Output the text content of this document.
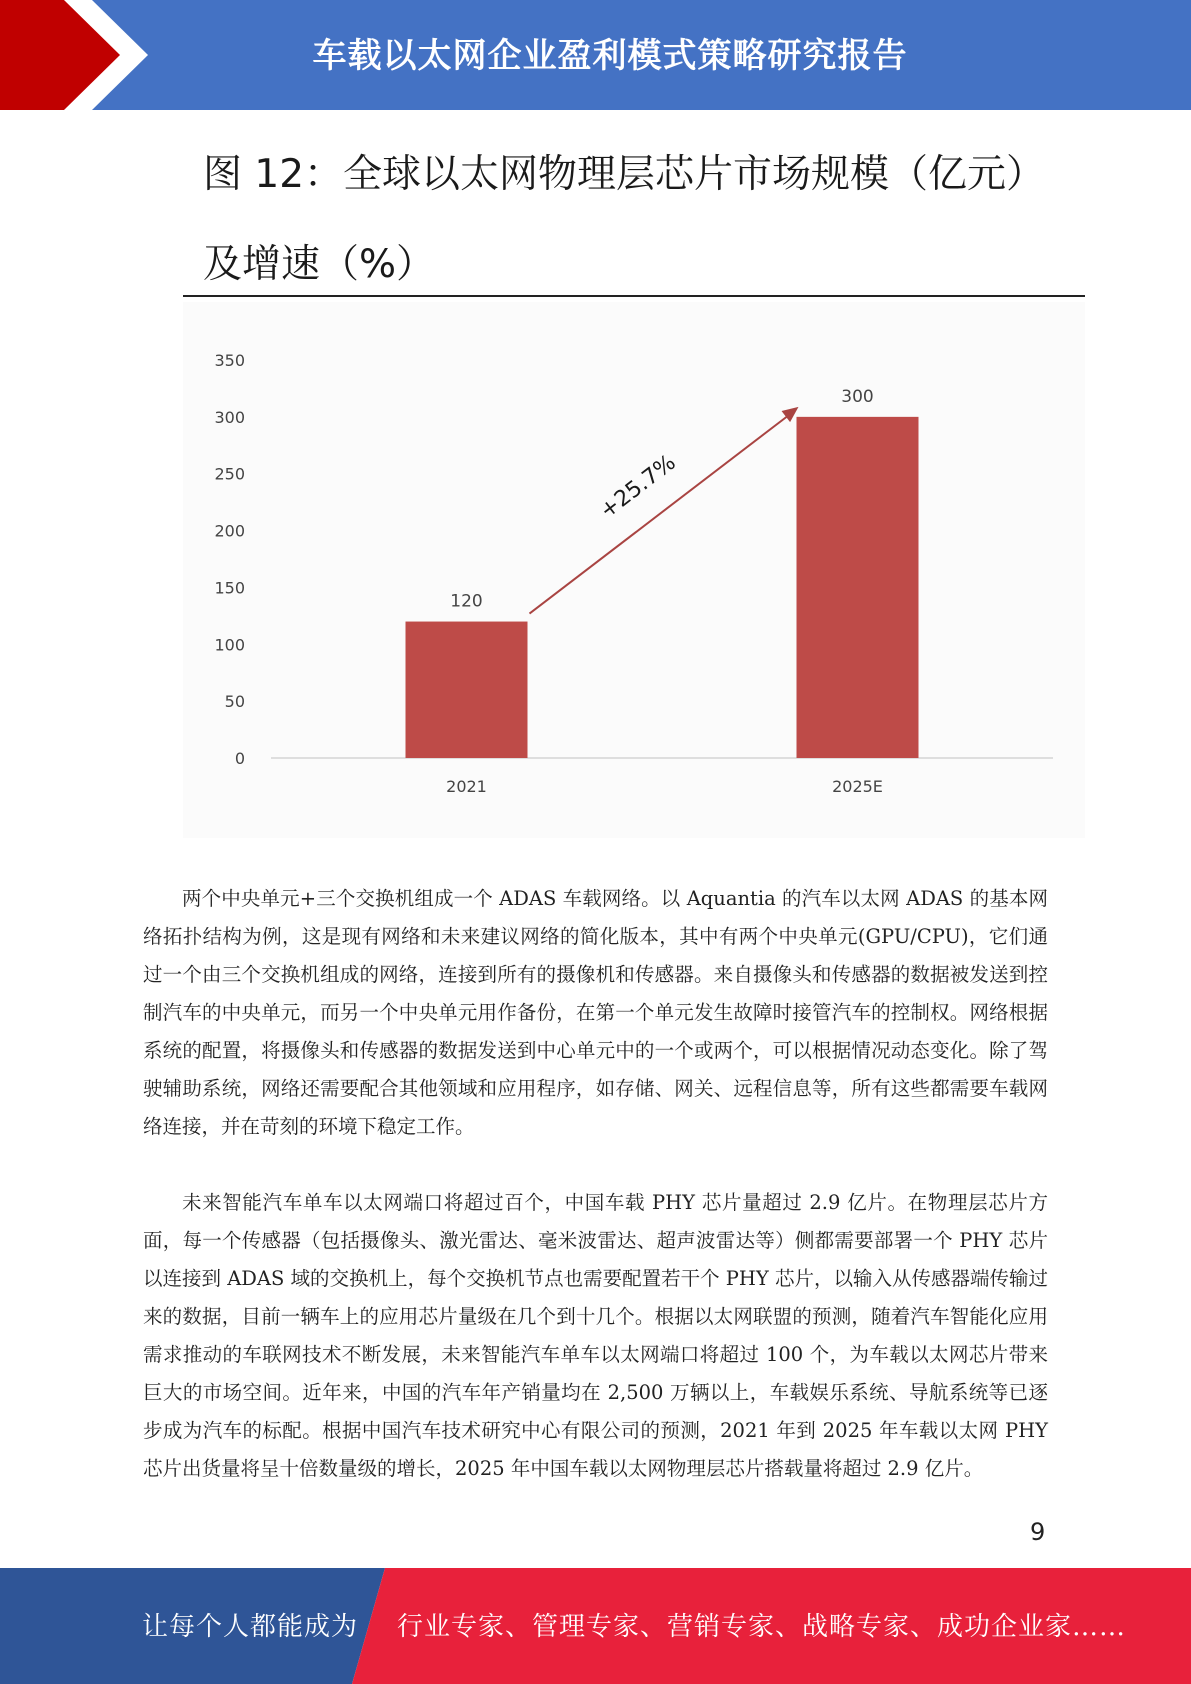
车载以太网企业盈利模式策略研究报告
图 12：全球以太网物理层芯片市场规模（亿元）及增速（%）
0
50
100
150
200
250
300
350
120
2021
300
2025E
+25.7%

两个中央单元+三个交换机组成一个 ADAS 车载网络。以 Aquantia 的汽车以太网 ADAS 的基本网络拓扑结构为例，这是现有网络和未来建议网络的简化版本，其中有两个中央单元(GPU/CPU)，它们通过一个由三个交换机组成的网络，连接到所有的摄像机和传感器。来自摄像头和传感器的数据被发送到控制汽车的中央单元，而另一个中央单元用作备份，在第一个单元发生故障时接管汽车的控制权。网络根据系统的配置，将摄像头和传感器的数据发送到中心单元中的一个或两个，可以根据情况动态变化。除了驾驶辅助系统，网络还需要配合其他领域和应用程序，如存储、网关、远程信息等，所有这些都需要车载网络连接，并在苛刻的环境下稳定工作。

未来智能汽车单车以太网端口将超过百个，中国车载 PHY 芯片量超过 2.9 亿片。在物理层芯片方面，每一个传感器（包括摄像头、激光雷达、毫米波雷达、超声波雷达等）侧都需要部署一个 PHY 芯片以连接到 ADAS 域的交换机上，每个交换机节点也需要配置若干个 PHY 芯片，以输入从传感器端传输过来的数据，目前一辆车上的应用芯片量级在几个到十几个。根据以太网联盟的预测，随着汽车智能化应用需求推动的车联网技术不断发展，未来智能汽车单车以太网端口将超过 100 个，为车载以太网芯片带来巨大的市场空间。近年来，中国的汽车年产销量均在 2,500 万辆以上，车载娱乐系统、导航系统等已逐步成为汽车的标配。根据中国汽车技术研究中心有限公司的预测，2021 年到 2025 年车载以太网 PHY 芯片出货量将呈十倍数量级的增长，2025 年中国车载以太网物理层芯片搭载量将超过 2.9 亿片。

9
让每个人都能成为 行业专家、管理专家、营销专家、战略专家、成功企业家……
